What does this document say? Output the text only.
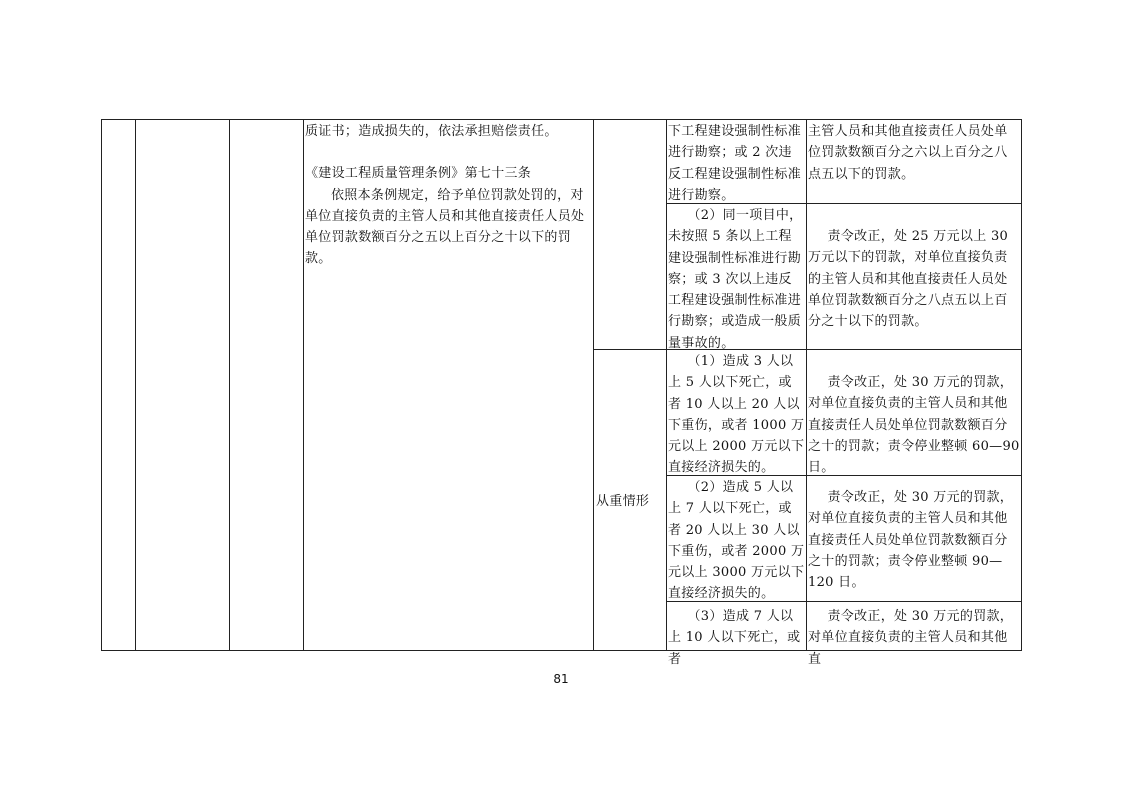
质证书；造成损失的，依法承担赔偿责任。

《建设工程质量管理条例》第七十三条

依照本条例规定，给予单位罚款处罚的，对单位直接负责的主管人员和其他直接责任人员处单位罚款数额百分之五以上百分之十以下的罚款。

从重情形
下工程建设强制性标准进行勘察；或 2 次违反工程建设强制性标准进行勘察。
主管人员和其他直接责任人员处单位罚款数额百分之六以上百分之八点五以下的罚款。
（2）同一项目中，未按照 5 条以上工程建设强制性标准进行勘察；或 3 次以上违反工程建设强制性标准进行勘察；或造成一般质量事故的。
责令改正，处 25 万元以上 30 万元以下的罚款，对单位直接负责的主管人员和其他直接责任人员处单位罚款数额百分之八点五以上百分之十以下的罚款。
（1）造成 3 人以上 5 人以下死亡，或者 10 人以上 20 人以下重伤，或者 1000 万元以上 2000 万元以下直接经济损失的。
责令改正，处 30 万元的罚款，对单位直接负责的主管人员和其他直接责任人员处单位罚款数额百分之十的罚款；责令停业整顿 60—90 日。
（2）造成 5 人以上 7 人以下死亡，或者 20 人以上 30 人以下重伤，或者 2000 万元以上 3000 万元以下直接经济损失的。
责令改正，处 30 万元的罚款，对单位直接负责的主管人员和其他直接责任人员处单位罚款数额百分之十的罚款；责令停业整顿 90—120 日。
（3）造成 7 人以上 10 人以下死亡，或者
责令改正，处 30 万元的罚款，对单位直接负责的主管人员和其他直
81
